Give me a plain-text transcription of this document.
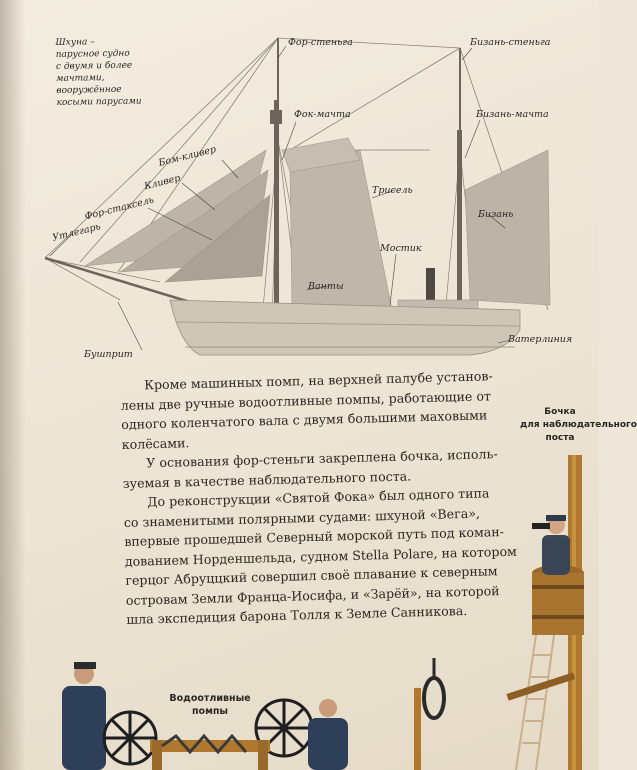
Шхуна –
парусное судно
с двумя и более
мачтами,
вооружённое
косыми парусами
Фор-стеньга	Бизань-стеньга
Фок-мачта	Бизань-мачта
Бом-кливер
Кливер
Фор-стаксель
Утлегарь
Трисель
Бизань
Мостик
Ванты
Бушприт
Ватерлиния
Кроме машинных помп, на верхней палубе установ-
лены две ручные водоотливные помпы, работающие от
одного коленчатого вала с двумя большими маховыми
колёсами.
У основания фор-стеньги закреплена бочка, исполь-
зуемая в качестве наблюдательного поста.
До реконструкции «Святой Фока» был одного типа
со знаменитыми полярными судами: шхуной «Вега»,
впервые прошедшей Северный морской путь под коман-
дованием Норденшельда, судном Stella Polare, на котором
герцог Абруццкий совершил своё плавание к северным
островам Земли Франца-Иосифа, и «Зарёй», на которой
шла экспедиция барона Толля к Земле Санникова.
Бочка
для наблюдательного
поста
Водоотливные
помпы
